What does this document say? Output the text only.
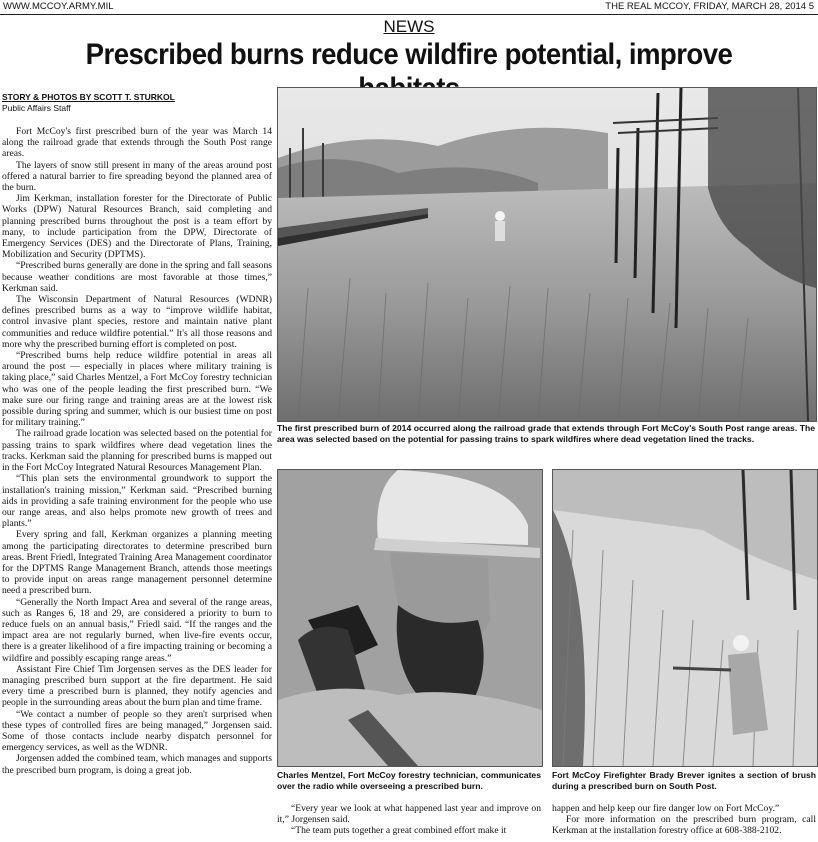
WWW.MCCOY.ARMY.MIL	THE REAL MCCOY, FRIDAY, MARCH 28, 2014 5
NEWS
Prescribed burns reduce wildfire potential, improve
STORY & PHOTOS BY SCOTT T. STURKOL
Public Affairs Staff

Fort McCoy's first prescribed burn of the year was March 14 along the railroad grade that extends through the South Post range areas.

The layers of snow still present in many of the areas around post offered a natural barrier to fire spreading beyond the planned area of the burn.

Jim Kerkman, installation forester for the Directorate of Public Works (DPW) Natural Resources Branch, said completing and planning prescribed burns throughout the post is a team effort by many, to include participation from the DPW, Directorate of Emergency Services (DES) and the Directorate of Plans, Training, Mobilization and Security (DPTMS).

“Prescribed burns generally are done in the spring and fall seasons because weather conditions are most favorable at those times,” Kerkman said.

The Wisconsin Department of Natural Resources (WDNR) defines prescribed burns as a way to “improve wildlife habitat, control invasive plant species, restore and maintain native plant communities and reduce wildfire potential.” It's all those reasons and more why the prescribed burning effort is completed on post.

“Prescribed burns help reduce wildfire potential in areas all around the post — especially in places where military training is taking place,” said Charles Mentzel, a Fort McCoy forestry technician who was one of the people leading the first prescribed burn. “We make sure our firing range and training areas are at the lowest risk possible during spring and summer, which is our busiest time on post for military training.”

The railroad grade location was selected based on the potential for passing trains to spark wildfires where dead vegetation lines the tracks. Kerkman said the planning for prescribed burns is mapped out in the Fort McCoy Integrated Natural Resources Management Plan.

“This plan sets the environmental groundwork to support the installation's training mission,” Kerkman said. “Prescribed burning aids in providing a safe training environment for the people who use our range areas, and also helps promote new growth of trees and plants.”

Every spring and fall, Kerkman organizes a planning meeting among the participating directorates to determine prescribed burn areas. Brent Friedl, Integrated Training Area Management coordinator for the DPTMS Range Management Branch, attends those meetings to provide input on areas range management personnel determine need a prescribed burn.

“Generally the North Impact Area and several of the range areas, such as Ranges 6, 18 and 29, are considered a priority to burn to reduce fuels on an annual basis,” Friedl said. “If the ranges and the impact area are not regularly burned, when live-fire events occur, there is a greater likelihood of a fire impacting training or becoming a wildfire and possibly escaping range areas.”

Assistant Fire Chief Tim Jorgensen serves as the DES leader for managing prescribed burn support at the fire department. He said every time a prescribed burn is planned, they notify agencies and people in the surrounding areas about the burn plan and time frame.

“We contact a number of people so they aren't surprised when these types of controlled fires are being managed,” Jorgensen said. Some of those contacts include nearby dispatch personnel for emergency services, as well as the WDNR.

Jorgensen added the combined team, which manages and supports the prescribed burn program, is doing a great job.

The first prescribed burn of 2014 occurred along the railroad grade that extends through Fort McCoy's South Post range areas. The area was selected based on the potential for passing trains to spark wildfires where dead vegetation lined the tracks.
Charles Mentzel, Fort McCoy forestry technician, communicates over the radio while overseeing a prescribed burn.
Fort McCoy Firefighter Brady Brever ignites a section of brush during a prescribed burn on South Post.

“Every year we look at what happened last year and improve on it,” Jorgensen said.

“The team puts together a great combined effort make it

happen and help keep our fire danger low on Fort McCoy.”

For more information on the prescribed burn program, call Kerkman at the installation forestry office at 608-388-2102.
